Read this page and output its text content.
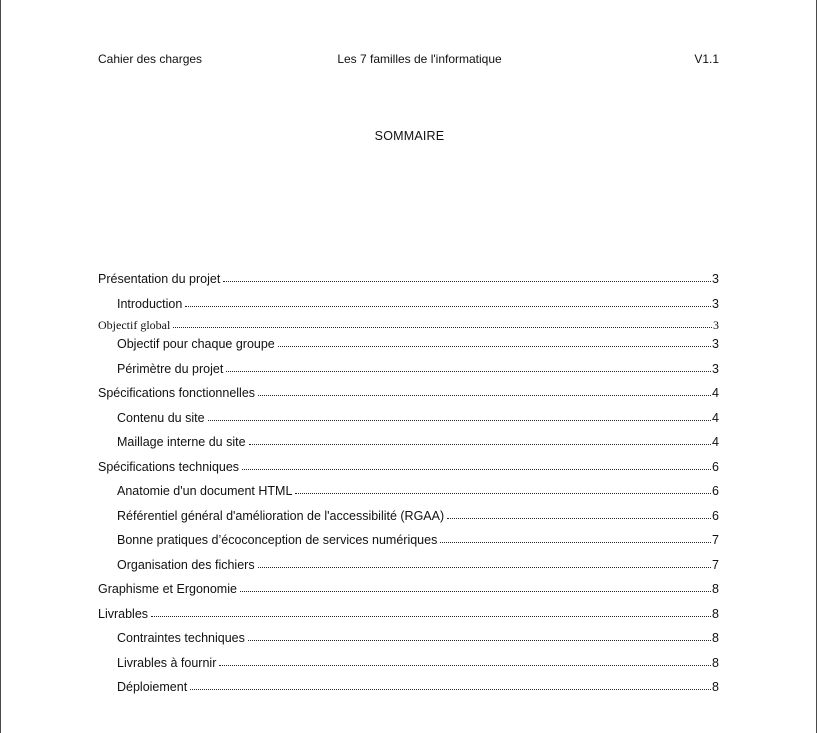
Cahier des charges	Les 7 familles de l'informatique	V1.1
SOMMAIRE
Présentation du projet	3
Introduction	3
Objectif global	3
Objectif pour chaque groupe	3
Périmètre du projet	3
Spécifications fonctionnelles	4
Contenu du site	4
Maillage interne du site	4
Spécifications techniques	6
Anatomie d'un document HTML	6
Référentiel général d'amélioration de l'accessibilité (RGAA)	6
Bonne pratiques d’écoconception de services numériques	7
Organisation des fichiers	7
Graphisme et Ergonomie	8
Livrables	8
Contraintes techniques	8
Livrables à fournir	8
Déploiement	8
